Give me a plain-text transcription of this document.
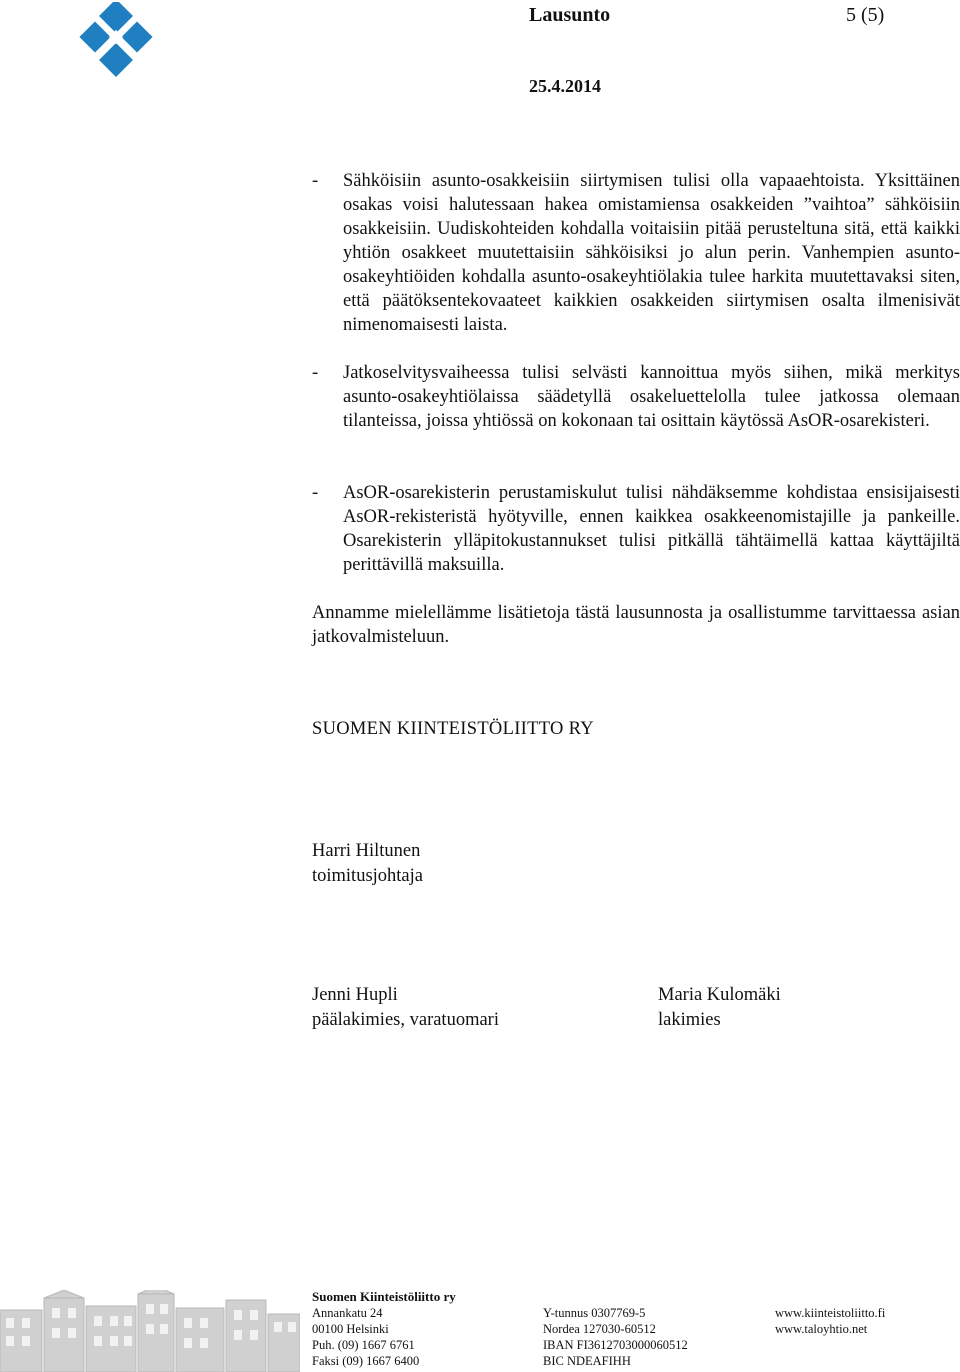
Lausunto	5 (5)
25.4.2014
- Sähköisiin asunto-osakkeisiin siirtymisen tulisi olla vapaaehtoista. Yksittäinen osakas voisi halutessaan hakea omistamiensa osakkeiden ”vaihtoa” sähköisiin osakkeisiin. Uudiskohteiden kohdalla voitaisiin pitää perusteltuna sitä, että kaikki yhtiön osakkeet muutettaisiin sähköisiksi jo alun perin. Vanhempien asunto-osakeyhtiöiden kohdalla asunto-osakeyhtiölakia tulee harkita muutettavaksi siten, että päätöksentekovaateet kaikkien osakkeiden siirtymisen osalta ilmenisivät nimenomaisesti laista.
- Jatkoselvitysvaiheessa tulisi selvästi kannoittua myös siihen, mikä merkitys asunto-osakeyhtiölaissa säädetyllä osakeluettelolla tulee jatkossa olemaan tilanteissa, joissa yhtiössä on kokonaan tai osittain käytössä AsOR-osarekisteri.
- AsOR-osarekisterin perustamiskulut tulisi nähdäksemme kohdistaa ensisijaisesti AsOR-rekisteristä hyötyville, ennen kaikkea osakkeenomistajille ja pankeille. Osarekisterin ylläpitokustannukset tulisi pitkällä tähtäimellä kattaa käyttäjiltä perittävillä maksuilla.
Annamme mielellämme lisätietoja tästä lausunnosta ja osallistumme tarvittaessa asian jatkovalmisteluun.
SUOMEN KIINTEISTÖLIITTO RY
Harri Hiltunen
toimitusjohtaja
Jenni Hupli
päälakimies, varatuomari
Maria Kulomäki
lakimies
Suomen Kiinteistöliitto ry
Annankatu 24
00100 Helsinki
Puh. (09) 1667 6761
Faksi (09) 1667 6400
Y-tunnus 0307769-5
Nordea 127030-60512
IBAN FI3612703000060512
BIC NDEAFIHH
www.kiinteistoliitto.fi
www.taloyhtio.net
